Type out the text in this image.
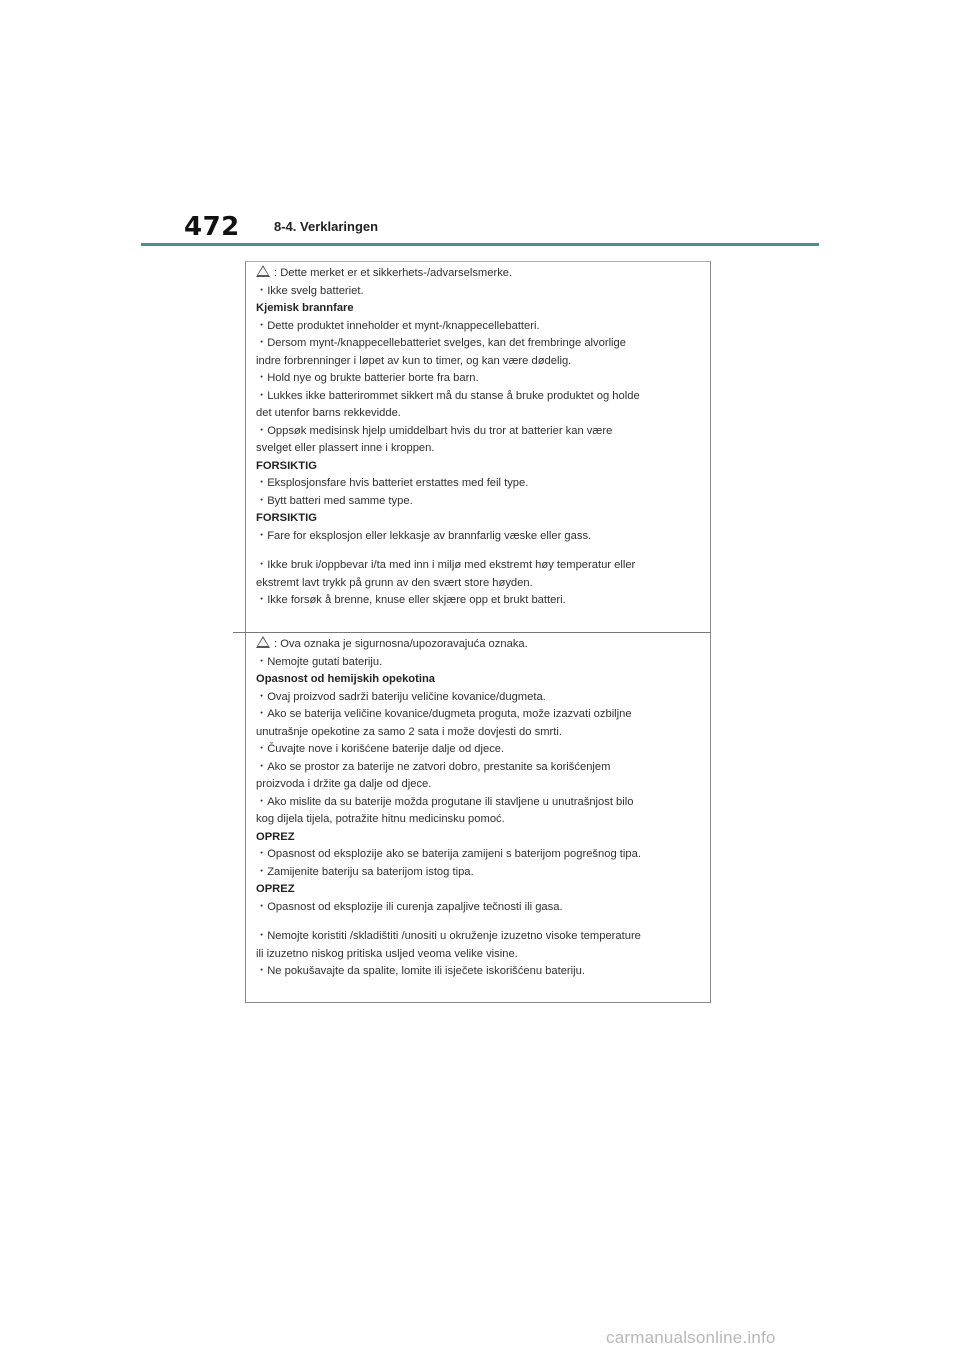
472	8-4. Verklaringen
: Dette merket er et sikkerhets-/advarselsmerke.
・Ikke svelg batteriet.
Kjemisk brannfare
・Dette produktet inneholder et mynt-/knappecellebatteri.
・Dersom mynt-/knappecellebatteriet svelges, kan det frembringe alvorlige
indre forbrenninger i løpet av kun to timer, og kan være dødelig.
・Hold nye og brukte batterier borte fra barn.
・Lukkes ikke batterirommet sikkert må du stanse å bruke produktet og holde
det utenfor barns rekkevidde.
・Oppsøk medisinsk hjelp umiddelbart hvis du tror at batterier kan være
svelget eller plassert inne i kroppen.
FORSIKTIG
・Eksplosjonsfare hvis batteriet erstattes med feil type.
・Bytt batteri med samme type.
FORSIKTIG
・Fare for eksplosjon eller lekkasje av brannfarlig væske eller gass.
・Ikke bruk i/oppbevar i/ta med inn i miljø med ekstremt høy temperatur eller
ekstremt lavt trykk på grunn av den svært store høyden.
・Ikke forsøk å brenne, knuse eller skjære opp et brukt batteri.
: Ova oznaka je sigurnosna/upozoravajuća oznaka.
・Nemojte gutati bateriju.
Opasnost od hemijskih opekotina
・Ovaj proizvod sadrži bateriju veličine kovanice/dugmeta.
・Ako se baterija veličine kovanice/dugmeta proguta, može izazvati ozbiljne
unutrašnje opekotine za samo 2 sata i može dovjesti do smrti.
・Čuvajte nove i korišćene baterije dalje od djece.
・Ako se prostor za baterije ne zatvori dobro, prestanite sa korišćenjem
proizvoda i držite ga dalje od djece.
・Ako mislite da su baterije možda progutane ili stavljene u unutrašnjost bilo
kog dijela tijela, potražite hitnu medicinsku pomoć.
OPREZ
・Opasnost od eksplozije ako se baterija zamijeni s baterijom pogrešnog tipa.
・Zamijenite bateriju sa baterijom istog tipa.
OPREZ
・Opasnost od eksplozije ili curenja zapaljive tečnosti ili gasa.
・Nemojte koristiti /skladištiti /unositi u okruženje izuzetno visoke temperature
ili izuzetno niskog pritiska usljed veoma velike visine.
・Ne pokušavajte da spalite, lomite ili isječete iskorišćenu bateriju.
carmanualsonline.info
